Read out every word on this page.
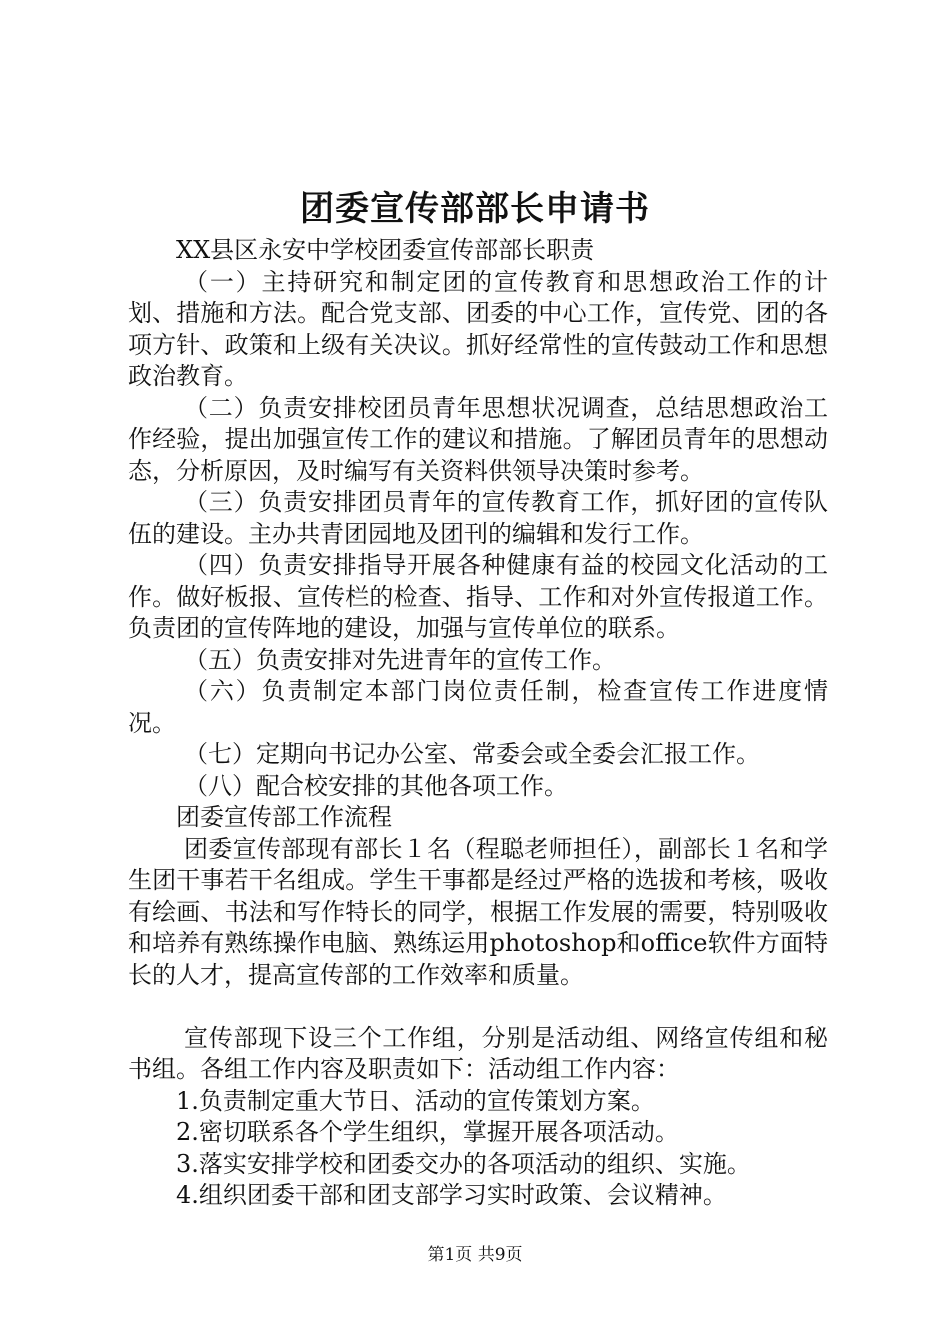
团委宣传部部长申请书

XX县区永安中学校团委宣传部部长职责

（一）主持研究和制定团的宣传教育和思想政治工作的计划、措施和方法。配合党支部、团委的中心工作，宣传党、团的各项方针、政策和上级有关决议。抓好经常性的宣传鼓动工作和思想政治教育。

（二）负责安排校团员青年思想状况调查，总结思想政治工作经验，提出加强宣传工作的建议和措施。了解团员青年的思想动态，分析原因，及时编写有关资料供领导决策时参考。

（三）负责安排团员青年的宣传教育工作，抓好团的宣传队伍的建设。主办共青团园地及团刊的编辑和发行工作。

（四）负责安排指导开展各种健康有益的校园文化活动的工作。做好板报、宣传栏的检查、指导、工作和对外宣传报道工作。负责团的宣传阵地的建设，加强与宣传单位的联系。

（五）负责安排对先进青年的宣传工作。

（六）负责制定本部门岗位责任制，检查宣传工作进度情况。

（七）定期向书记办公室、常委会或全委会汇报工作。

（八）配合校安排的其他各项工作。

团委宣传部工作流程

团委宣传部现有部长１名（程聪老师担任），副部长１名和学生团干事若干名组成。学生干事都是经过严格的选拔和考核，吸收有绘画、书法和写作特长的同学，根据工作发展的需要，特别吸收和培养有熟练操作电脑、熟练运用photoshop和office软件方面特长的人才，提高宣传部的工作效率和质量。

宣传部现下设三个工作组，分别是活动组、网络宣传组和秘书组。各组工作内容及职责如下：活动组工作内容：

1.负责制定重大节日、活动的宣传策划方案。

2.密切联系各个学生组织，掌握开展各项活动。

3.落实安排学校和团委交办的各项活动的组织、实施。

4.组织团委干部和团支部学习实时政策、会议精神。

第1页 共9页
